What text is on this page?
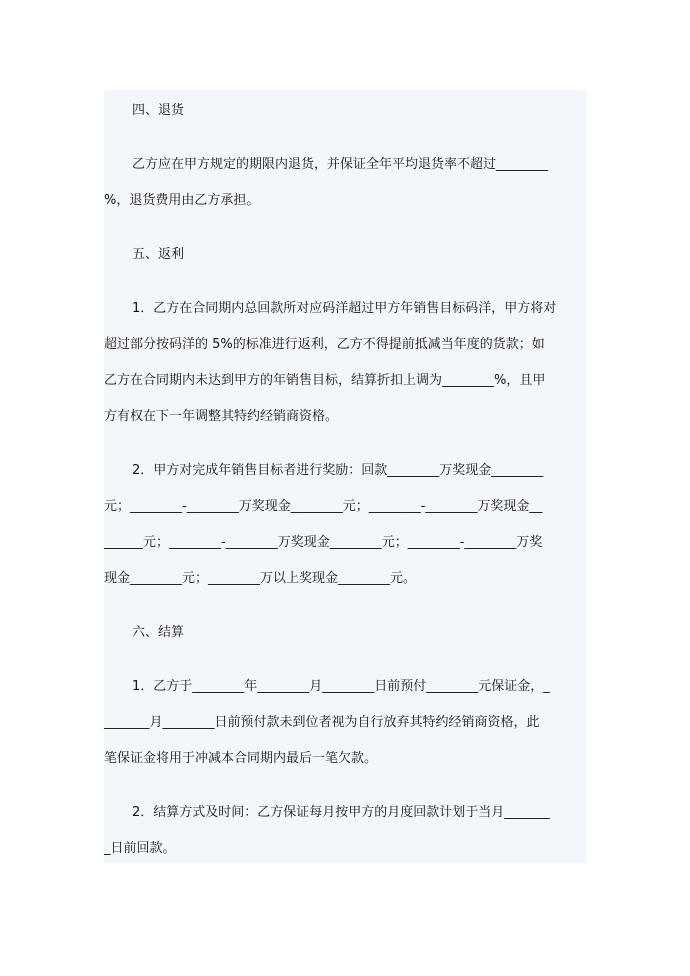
四、退货
乙方应在甲方规定的期限内退货，并保证全年平均退货率不超过________
%，退货费用由乙方承担。
五、返利
1．乙方在合同期内总回款所对应码洋超过甲方年销售目标码洋，甲方将对
超过部分按码洋的 5%的标准进行返利，乙方不得提前抵减当年度的货款；如
乙方在合同期内未达到甲方的年销售目标，结算折扣上调为________%，且甲
方有权在下一年调整其特约经销商资格。
2．甲方对完成年销售目标者进行奖励：回款________万奖现金________
元；________-________万奖现金________元；________-________万奖现金__
______元；________-________万奖现金________元；________-________万奖
现金________元；________万以上奖现金________元。
六、结算
1．乙方于________年________月________日前预付________元保证金，_
_______月________日前预付款未到位者视为自行放弃其特约经销商资格，此
笔保证金将用于冲减本合同期内最后一笔欠款。
2．结算方式及时间：乙方保证每月按甲方的月度回款计划于当月_______
_日前回款。
